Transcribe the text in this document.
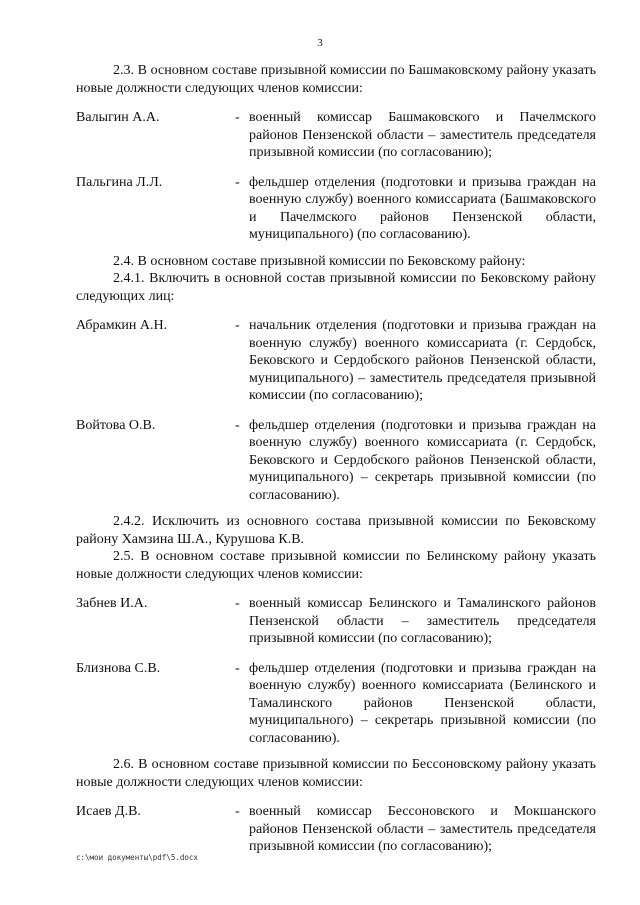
3

2.3. В основном составе призывной комиссии по Башмаковскому району указать новые должности следующих членов комиссии:

Валыгин А.А.	- военный комиссар Башмаковского и Пачелмского районов Пензенской области – заместитель председателя призывной комиссии (по согласованию);
Пальгина Л.Л.	- фельдшер отделения (подготовки и призыва граждан на военную службу) военного комиссариата (Башмаковского и Пачелмского районов Пензенской области, муниципального) (по согласованию).

2.4. В основном составе призывной комиссии по Бековскому району:

2.4.1. Включить в основной состав призывной комиссии по Бековскому району следующих лиц:

Абрамкин А.Н.	- начальник отделения (подготовки и призыва граждан на военную службу) военного комиссариата (г. Сердобск, Бековского и Сердобского районов Пензенской области, муниципального) – заместитель председателя призывной комиссии (по согласованию);
Войтова О.В.	- фельдшер отделения (подготовки и призыва граждан на военную службу) военного комиссариата (г. Сердобск, Бековского и Сердобского районов Пензенской области, муниципального) – секретарь призывной комиссии (по согласованию).

2.4.2. Исключить из основного состава призывной комиссии по Бековскому району Хамзина Ш.А., Курушова К.В.

2.5. В основном составе призывной комиссии по Белинскому району указать новые должности следующих членов комиссии:

Забнев И.А.	- военный комиссар Белинского и Тамалинского районов Пензенской области – заместитель председателя призывной комиссии (по согласованию);
Близнова С.В.	- фельдшер отделения (подготовки и призыва граждан на военную службу) военного комиссариата (Белинского и Тамалинского районов Пензенской области, муниципального) – секретарь призывной комиссии (по согласованию).

2.6. В основном составе призывной комиссии по Бессоновскому району указать новые должности следующих членов комиссии:

Исаев Д.В.	- военный комиссар Бессоновского и Мокшанского районов Пензенской области – заместитель председателя призывной комиссии (по согласованию);
c:\мои документы\pdf\5.docx
